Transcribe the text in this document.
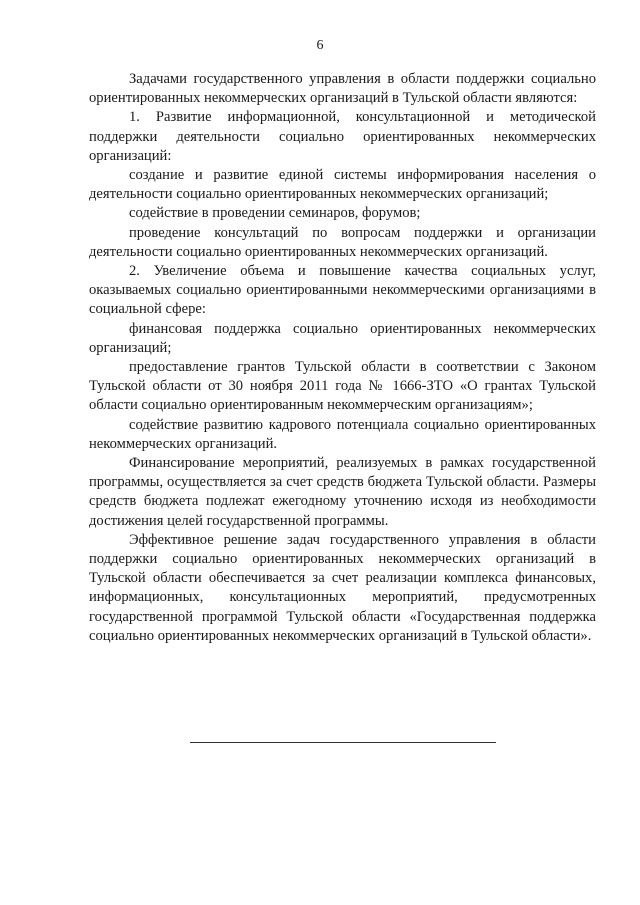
6

Задачами государственного управления в области поддержки социально ориентированных некоммерческих организаций в Тульской области являются:

1. Развитие информационной, консультационной и методической поддержки деятельности социально ориентированных некоммерческих организаций:

создание и развитие единой системы информирования населения о деятельности социально ориентированных некоммерческих организаций;

содействие в проведении семинаров, форумов;

проведение консультаций по вопросам поддержки и организации деятельности социально ориентированных некоммерческих организаций.

2. Увеличение объема и повышение качества социальных услуг, оказываемых социально ориентированными некоммерческими организациями в социальной сфере:

финансовая поддержка социально ориентированных некоммерческих организаций;

предоставление грантов Тульской области в соответствии с Законом Тульской области от 30 ноября 2011 года № 1666-ЗТО «О грантах Тульской области социально ориентированным некоммерческим организациям»;

содействие развитию кадрового потенциала социально ориентированных некоммерческих организаций.

Финансирование мероприятий, реализуемых в рамках государственной программы, осуществляется за счет средств бюджета Тульской области. Размеры средств бюджета подлежат ежегодному уточнению исходя из необходимости достижения целей государственной программы.

Эффективное решение задач государственного управления в области поддержки социально ориентированных некоммерческих организаций в Тульской области обеспечивается за счет реализации комплекса финансовых, информационных, консультационных мероприятий, предусмотренных государственной программой Тульской области «Государственная поддержка социально ориентированных некоммерческих организаций в Тульской области».
